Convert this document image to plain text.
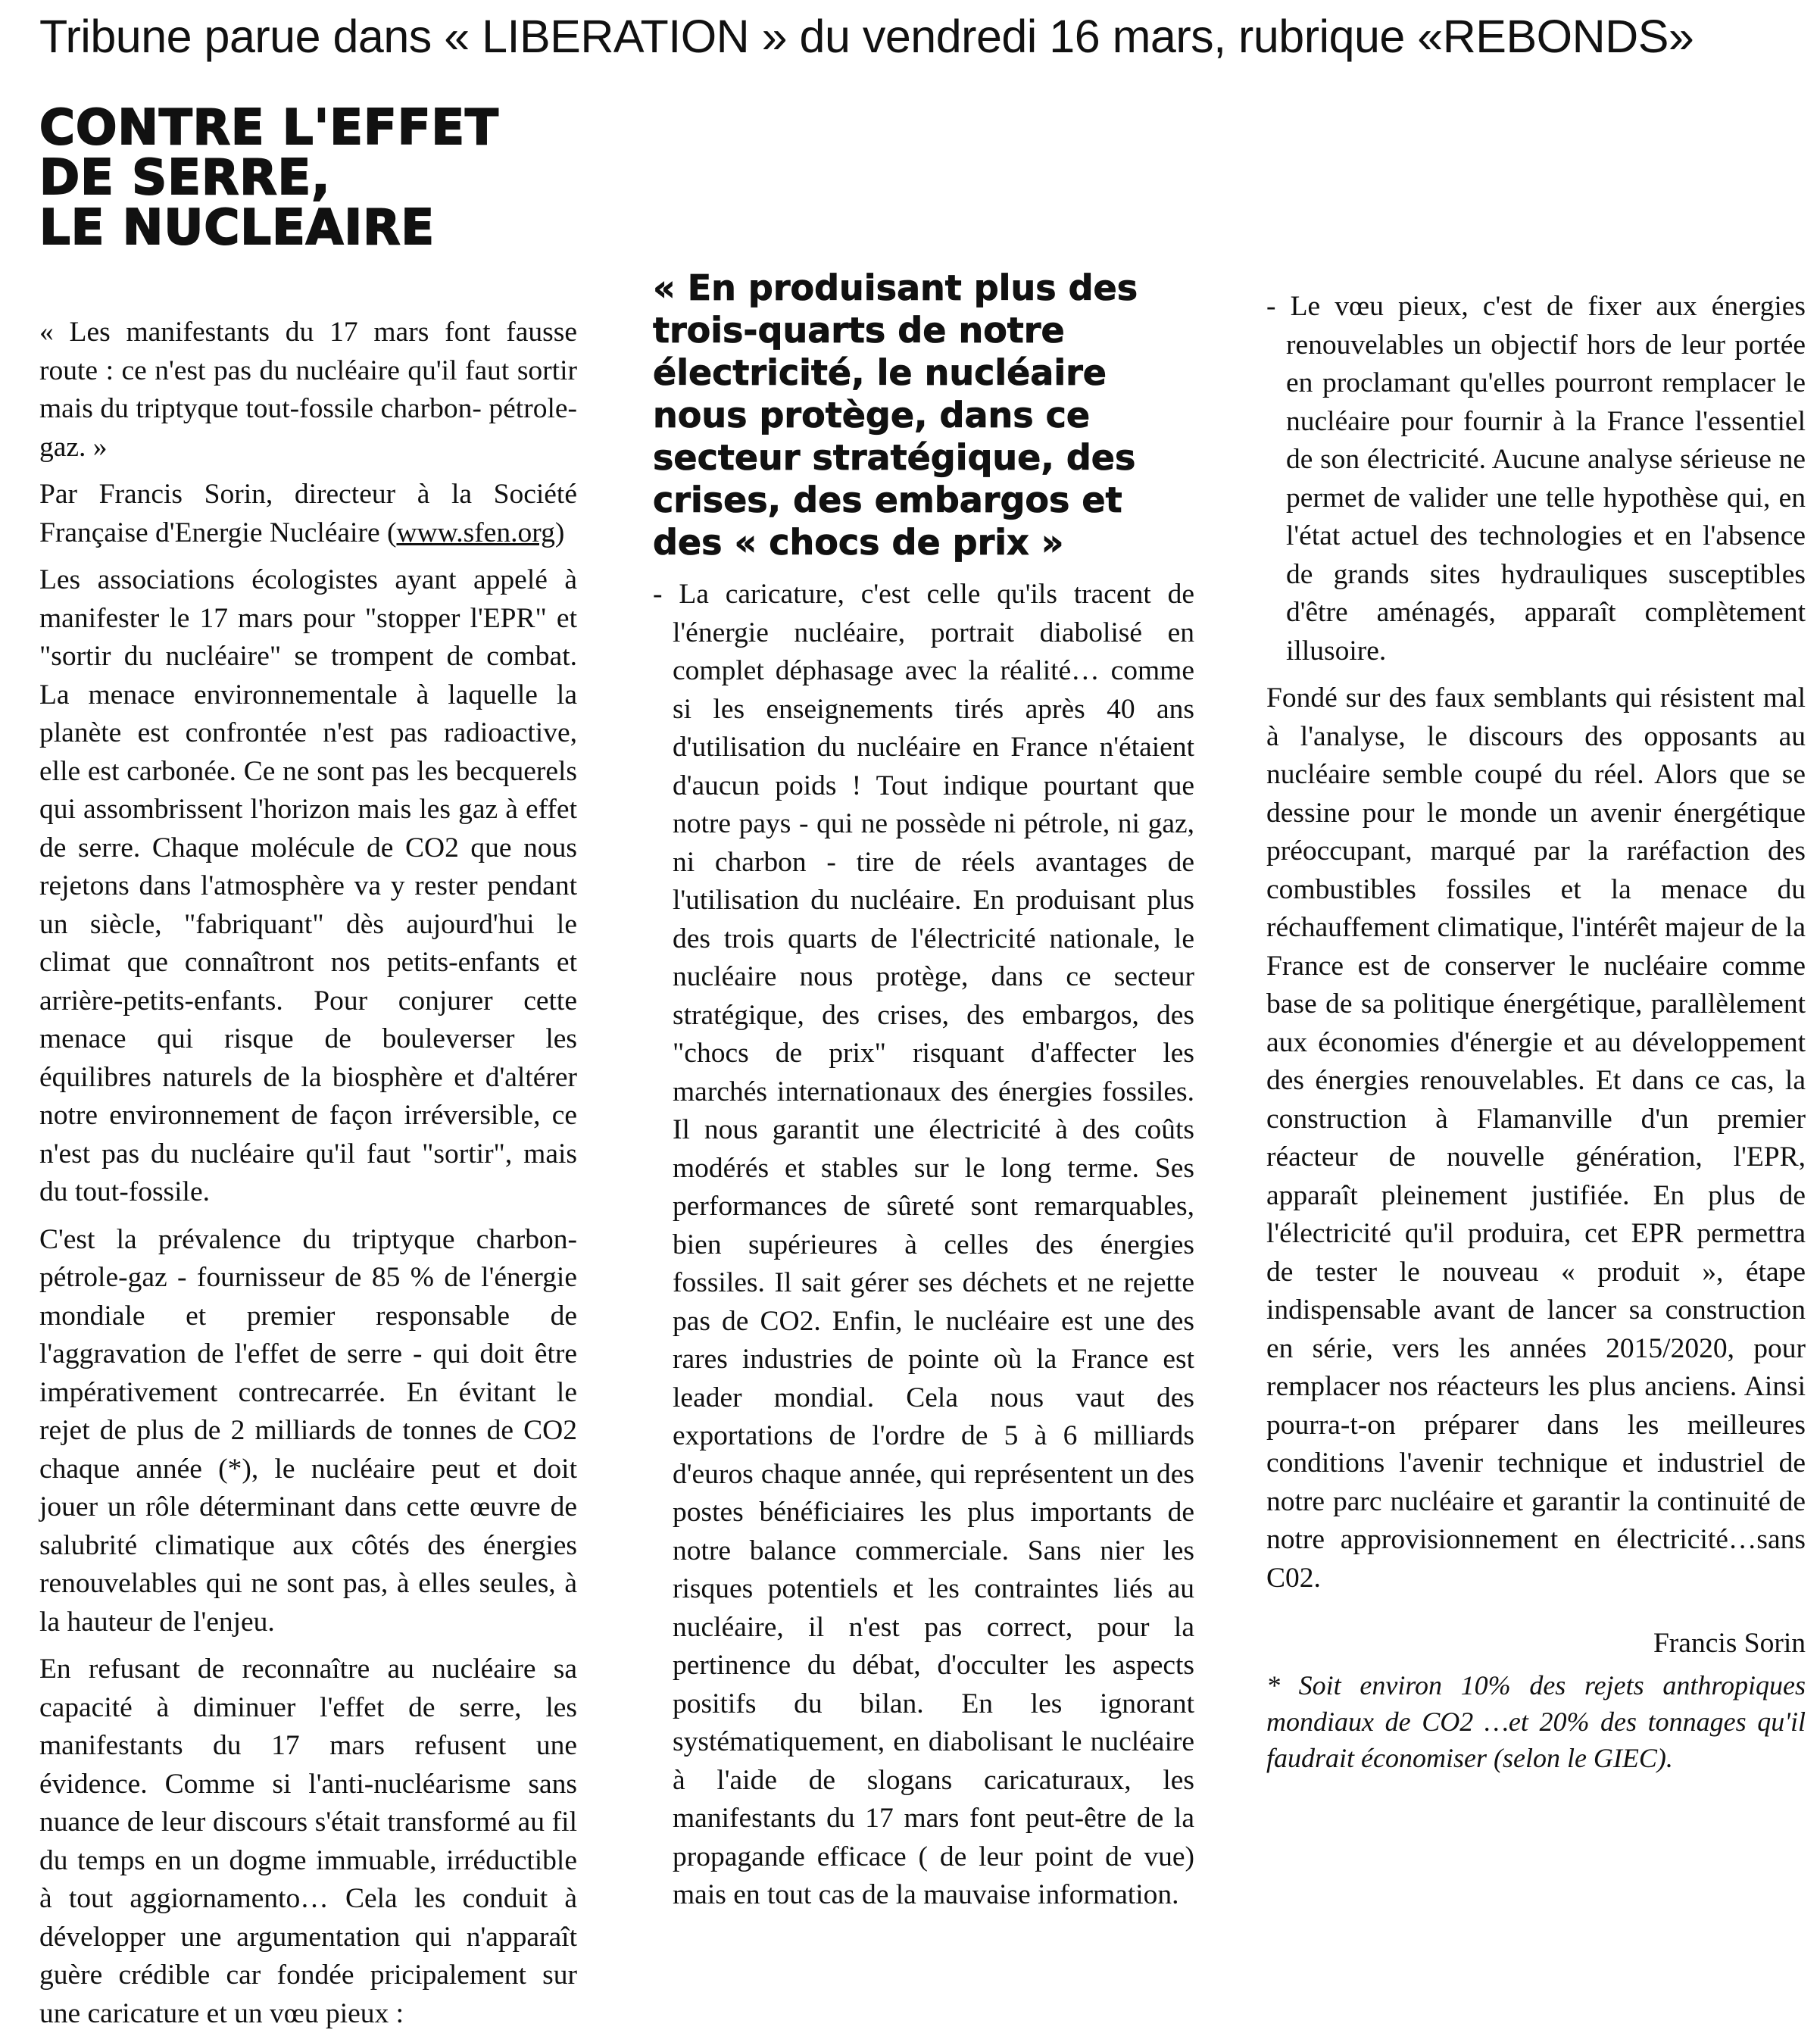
Tribune parue dans « LIBERATION » du vendredi 16 mars, rubrique «REBONDS»
CONTRE L'EFFET
DE SERRE,
LE NUCLEAIRE

« Les manifestants du 17 mars font fausse route : ce n'est pas du nucléaire qu'il faut sortir mais du triptyque tout-fossile charbon- pétrole-gaz. »

Par Francis Sorin, directeur à la Société Française d'Energie Nucléaire (www.sfen.org)

Les associations écologistes ayant appelé à manifester le 17 mars pour "stopper l'EPR" et "sortir du nucléaire" se trompent de combat. La menace environnementale à laquelle la planète est confrontée n'est pas radioactive, elle est carbonée. Ce ne sont pas les becquerels qui assombrissent l'horizon mais les gaz à effet de serre. Chaque molécule de CO2 que nous rejetons dans l'atmosphère va y rester pendant un siècle, "fabriquant" dès aujourd'hui le climat que connaîtront nos petits-enfants et arrière-petits-enfants. Pour conjurer cette menace qui risque de bouleverser les équilibres naturels de la biosphère et d'altérer notre environnement de façon irréversible, ce n'est pas du nucléaire qu'il faut "sortir", mais du tout-fossile.

C'est la prévalence du triptyque charbon-pétrole-gaz - fournisseur de 85 % de l'énergie mondiale et premier responsable de l'aggravation de l'effet de serre - qui doit être impérativement contrecarrée. En évitant le rejet de plus de 2 milliards de tonnes de CO2 chaque année (*), le nucléaire peut et doit jouer un rôle déterminant dans cette œuvre de salubrité climatique aux côtés des énergies renouvelables qui ne sont pas, à elles seules, à la hauteur de l'enjeu.

En refusant de reconnaître au nucléaire sa capacité à diminuer l'effet de serre, les manifestants du 17 mars refusent une évidence. Comme si l'anti-nucléarisme sans nuance de leur discours s'était transformé au fil du temps en un dogme immuable, irréductible à tout aggiornamento… Cela les conduit à développer une argumentation qui n'apparaît guère crédible car fondée pricipalement sur une caricature et un vœu pieux :

« En produisant plus des trois-quarts de notre électricité, le nucléaire nous protège, dans ce secteur stratégique, des crises, des embargos et des « chocs de prix »

- La caricature, c'est celle qu'ils tracent de l'énergie nucléaire, portrait diabolisé en complet déphasage avec la réalité… comme si les enseignements tirés après 40 ans d'utilisation du nucléaire en France n'étaient d'aucun poids ! Tout indique pourtant que notre pays - qui ne possède ni pétrole, ni gaz, ni charbon - tire de réels avantages de l'utilisation du nucléaire. En produisant plus des trois quarts de l'électricité nationale, le nucléaire nous protège, dans ce secteur stratégique, des crises, des embargos, des "chocs de prix" risquant d'affecter les marchés internationaux des énergies fossiles. Il nous garantit une électricité à des coûts modérés et stables sur le long terme. Ses performances de sûreté sont remarquables, bien supérieures à celles des énergies fossiles. Il sait gérer ses déchets et ne rejette pas de CO2. Enfin, le nucléaire est une des rares industries de pointe où la France est leader mondial. Cela nous vaut des exportations de l'ordre de 5 à 6 milliards d'euros chaque année, qui représentent un des postes bénéficiaires les plus importants de notre balance commerciale. Sans nier les risques potentiels et les contraintes liés au nucléaire, il n'est pas correct, pour la pertinence du débat, d'occulter les aspects positifs du bilan. En les ignorant systématiquement, en diabolisant le nucléaire à l'aide de slogans caricaturaux, les manifestants du 17 mars font peut-être de la propagande efficace ( de leur point de vue) mais en tout cas de la mauvaise information.

- Le vœu pieux, c'est de fixer aux énergies renouvelables un objectif hors de leur portée en proclamant qu'elles pourront remplacer le nucléaire pour fournir à la France l'essentiel de son électricité. Aucune analyse sérieuse ne permet de valider une telle hypothèse qui, en l'état actuel des technologies et en l'absence de grands sites hydrauliques susceptibles d'être aménagés, apparaît complètement illusoire.

Fondé sur des faux semblants qui résistent mal à l'analyse, le discours des opposants au nucléaire semble coupé du réel. Alors que se dessine pour le monde un avenir énergétique préoccupant, marqué par la raréfaction des combustibles fossiles et la menace du réchauffement climatique, l'intérêt majeur de la France est de conserver le nucléaire comme base de sa politique énergétique, parallèlement aux économies d'énergie et au développement des énergies renouvelables. Et dans ce cas, la construction à Flamanville d'un premier réacteur de nouvelle génération, l'EPR, apparaît pleinement justifiée. En plus de l'électricité qu'il produira, cet EPR permettra de tester le nouveau « produit », étape indispensable avant de lancer sa construction en série, vers les années 2015/2020, pour remplacer nos réacteurs les plus anciens. Ainsi pourra-t-on préparer dans les meilleures conditions l'avenir technique et industriel de notre parc nucléaire et garantir la continuité de notre approvisionnement en électricité…sans C02.

Francis Sorin

* Soit environ 10% des rejets anthropiques mondiaux de CO2 …et 20% des tonnages qu'il faudrait économiser (selon le GIEC).
